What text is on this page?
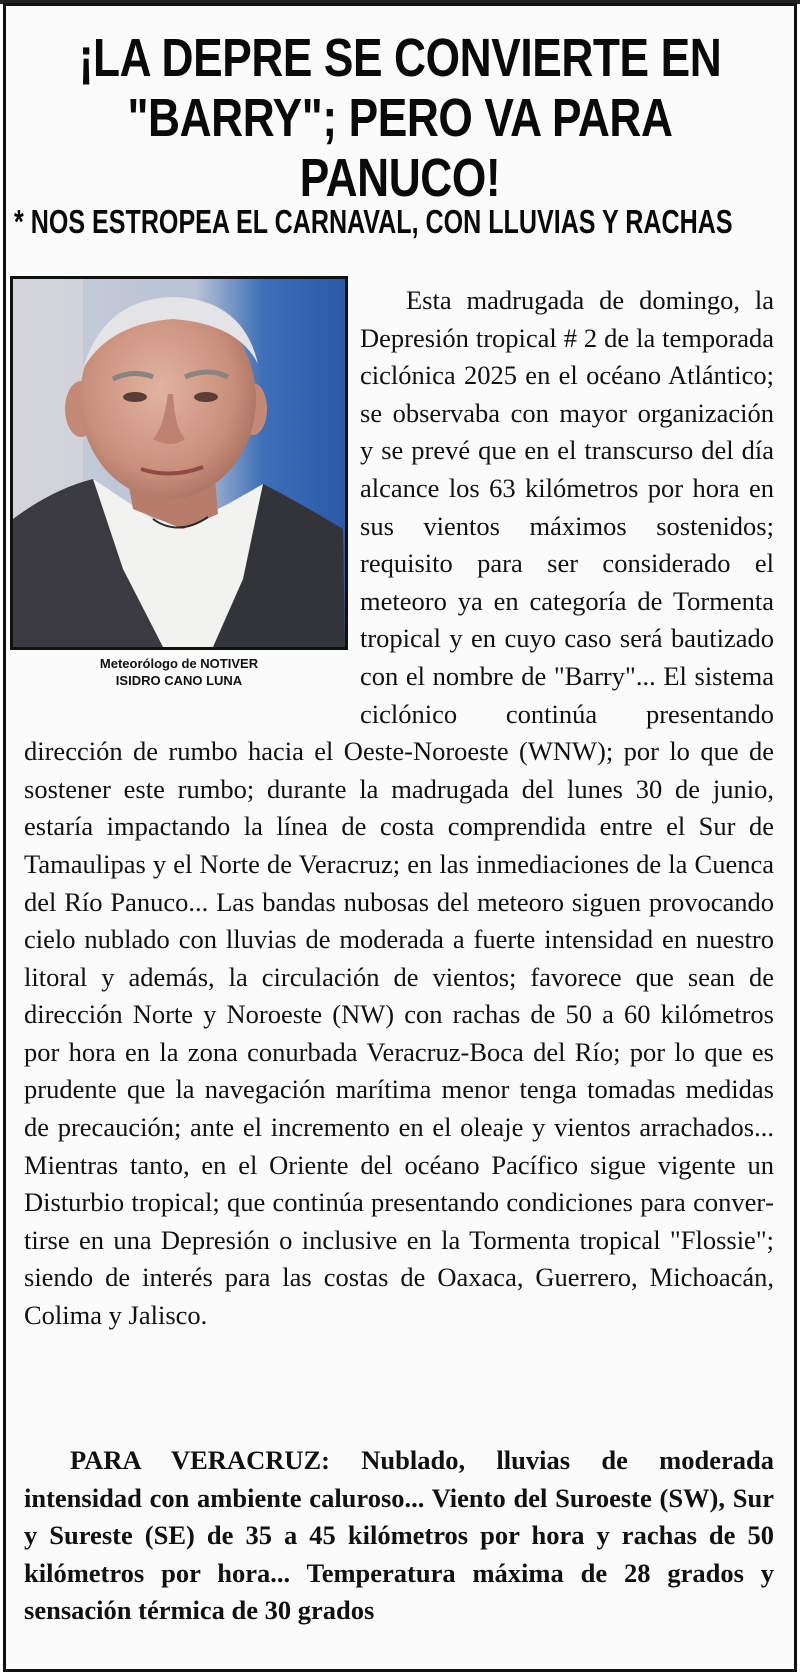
¡LA DEPRE SE CONVIERTE EN
"BARRY"; PERO VA PARA PANUCO!
* NOS ESTROPEA EL CARNAVAL, CON LLUVIAS Y RACHAS
Esta madrugada de domingo, la Depresión tropical # 2 de la temporada ciclónica 2025 en el océano Atlántico; se observaba con mayor organización y se prevé que en el transcurso del día alcance los 63 kilómetros por hora en sus vientos máximos sostenidos; requisito para ser considerado el meteoro ya en categoría de Tormenta tropical y en cuyo caso será bautizado con el nombre de "Barry"... El sistema ciclónico continúa presentando dirección de rumbo hacia el Oeste-Noroeste (WNW); por lo que de sostener este rumbo; durante la madrugada del lunes 30 de junio, estaría impactando la línea de costa comprendida entre el Sur de Tamaulipas y el Norte de Veracruz; en las inmediaciones de la Cuenca del Río Panuco... Las bandas nubosas del meteoro siguen provocando cielo nublado con lluvias de moderada a fuerte intensidad en nuestro litoral y además, la circulación de vientos; favorece que sean de dirección Norte y Noroeste (NW) con rachas de 50 a 60 kilómetros por hora en la zona conurbada Veracruz-Boca del Río; por lo que es prudente que la navegación marítima menor tenga tomadas medidas de precaución; ante el incremento en el oleaje y vientos arrachados... Mientras tanto, en el Oriente del océano Pacífico sigue vigente un Disturbio tropical; que continúa presentando condiciones para convertirse en una Depresión o inclusive en la Tormenta tropical "Flossie"; siendo de interés para las costas de Oaxaca, Guerrero, Michoacán, Colima y Jalisco.
Meteorólogo de NOTIVER
ISIDRO CANO LUNA
PARA VERACRUZ: Nublado, lluvias de moderada intensidad con ambiente caluroso... Viento del Suroeste (SW), Sur y Sureste (SE) de 35 a 45 kilómetros por hora y rachas de 50 kilómetros por hora... Temperatura máxima de 28 grados y sensación térmica de 30 grados
